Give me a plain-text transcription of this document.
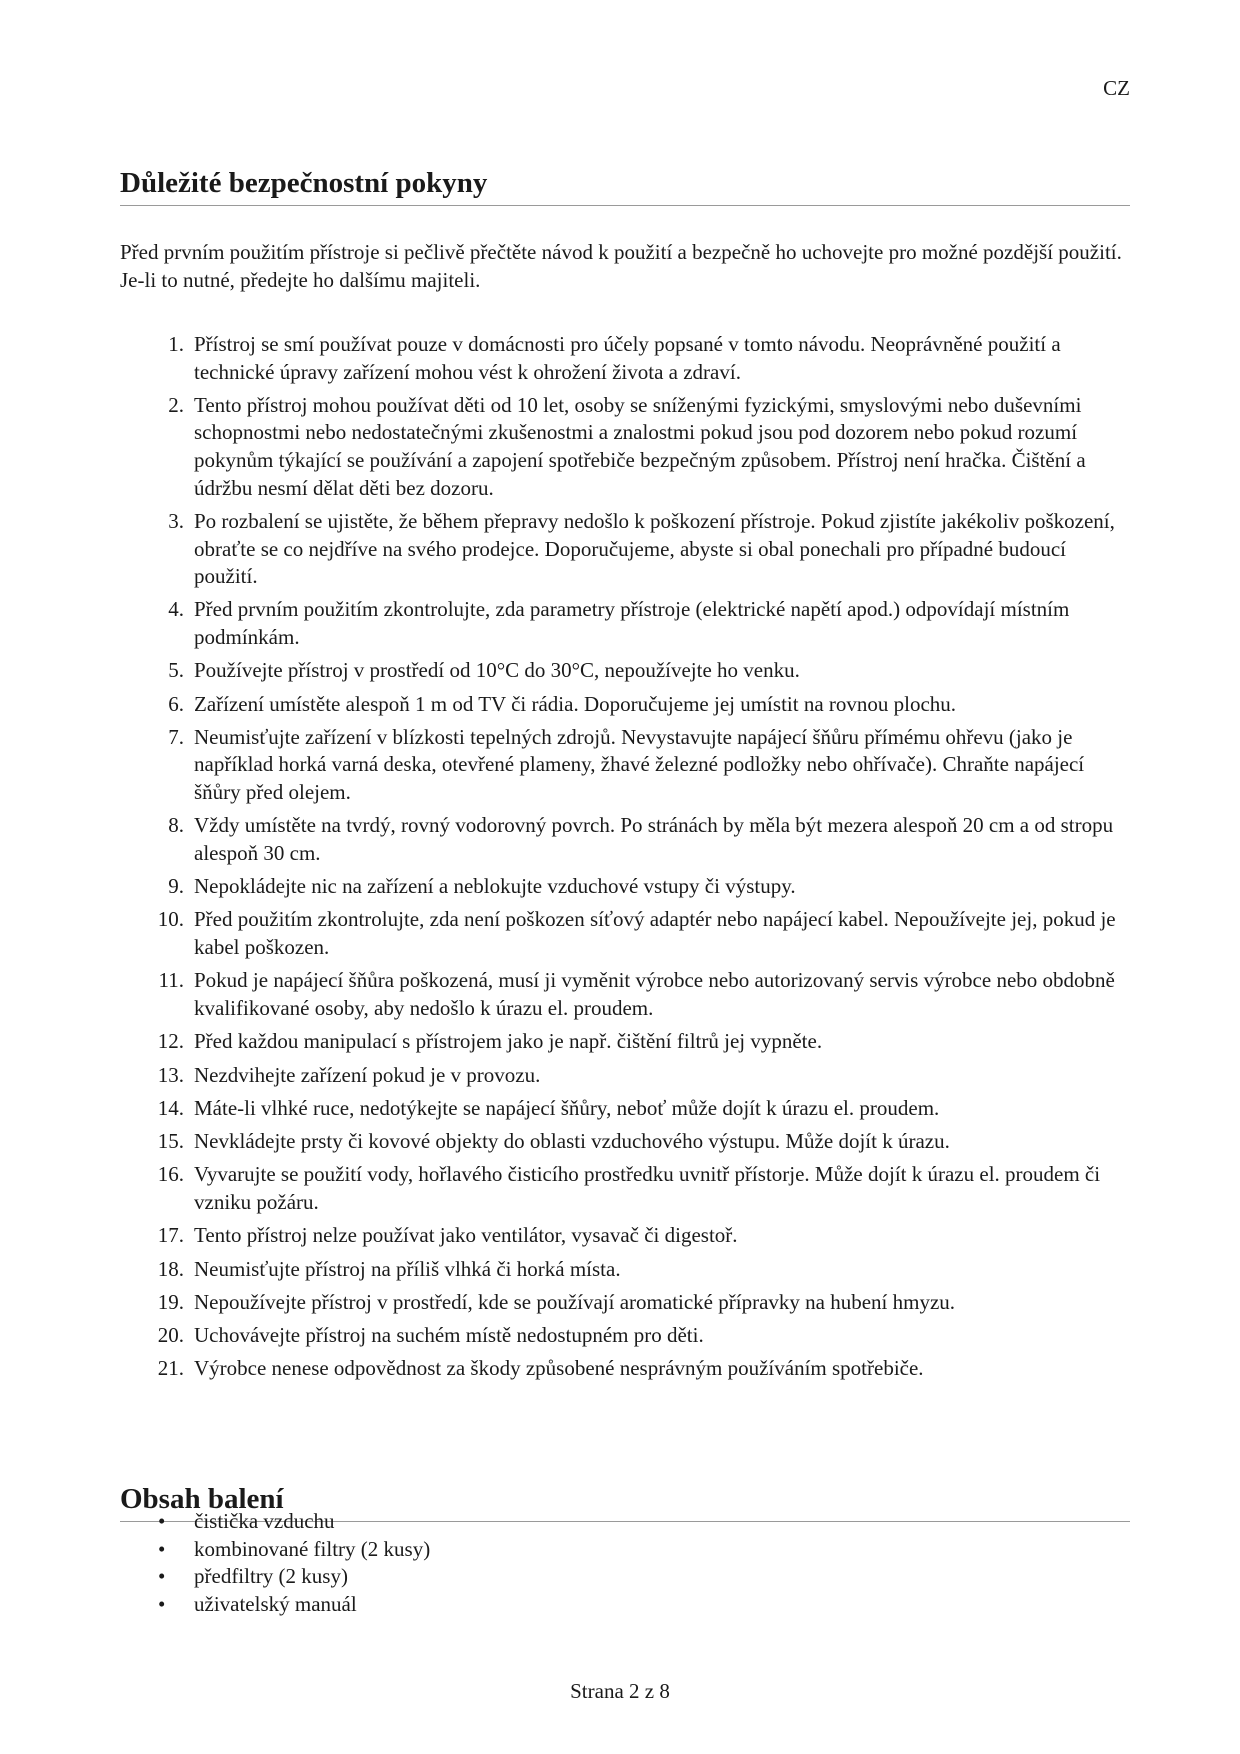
CZ
Důležité bezpečnostní pokyny

Před prvním použitím přístroje si pečlivě přečtěte návod k použití a bezpečně ho uchovejte pro možné pozdější použití. Je-li to nutné, předejte ho dalšímu majiteli.

1. Přístroj se smí používat pouze v domácnosti pro účely popsané v tomto návodu. Neoprávněné použití a technické úpravy zařízení mohou vést k ohrožení života a zdraví.
2. Tento přístroj mohou používat děti od 10 let, osoby se sníženými fyzickými, smyslovými nebo duševními schopnostmi nebo nedostatečnými zkušenostmi a znalostmi pokud jsou pod dozorem nebo pokud rozumí pokynům týkající se používání a zapojení spotřebiče bezpečným způsobem. Přístroj není hračka. Čištění a údržbu nesmí dělat děti bez dozoru.
3. Po rozbalení se ujistěte, že během přepravy nedošlo k poškození přístroje. Pokud zjistíte jakékoliv poškození, obraťte se co nejdříve na svého prodejce. Doporučujeme, abyste si obal ponechali pro případné budoucí použití.
4. Před prvním použitím zkontrolujte, zda parametry přístroje (elektrické napětí apod.) odpovídají místním podmínkám.
5. Používejte přístroj v prostředí od 10°C do 30°C, nepoužívejte ho venku.
6. Zařízení umístěte alespoň 1 m od TV či rádia. Doporučujeme jej umístit na rovnou plochu.
7. Neumisťujte zařízení v blízkosti tepelných zdrojů. Nevystavujte napájecí šňůru přímému ohřevu (jako je například horká varná deska, otevřené plameny, žhavé železné podložky nebo ohřívače). Chraňte napájecí šňůry před olejem.
8. Vždy umístěte na tvrdý, rovný vodorovný povrch. Po stránách by měla být mezera alespoň 20 cm a od stropu alespoň 30 cm.
9. Nepokládejte nic na zařízení a neblokujte vzduchové vstupy či výstupy.
10. Před použitím zkontrolujte, zda není poškozen síťový adaptér nebo napájecí kabel. Nepoužívejte jej, pokud je kabel poškozen.
11. Pokud je napájecí šňůra poškozená, musí ji vyměnit výrobce nebo autorizovaný servis výrobce nebo obdobně kvalifikované osoby, aby nedošlo k úrazu el. proudem.
12. Před každou manipulací s přístrojem jako je např. čištění filtrů jej vypněte.
13. Nezdvihejte zařízení pokud je v provozu.
14. Máte-li vlhké ruce, nedotýkejte se napájecí šňůry, neboť může dojít k úrazu el. proudem.
15. Nevkládejte prsty či kovové objekty do oblasti vzduchového výstupu. Může dojít k úrazu.
16. Vyvarujte se použití vody, hořlavého čisticího prostředku uvnitř přístorje. Může dojít k úrazu el. proudem či vzniku požáru.
17. Tento přístroj nelze používat jako ventilátor, vysavač či digestoř.
18. Neumisťujte přístroj na příliš vlhká či horká místa.
19. Nepoužívejte přístroj v prostředí, kde se používají aromatické přípravky na hubení hmyzu.
20. Uchovávejte přístroj na suchém místě nedostupném pro děti.
21. Výrobce nenese odpovědnost za škody způsobené nesprávným používáním spotřebiče.
Obsah balení
• čistička vzduchu
• kombinované filtry (2 kusy)
• předfiltry (2 kusy)
• uživatelský manuál
Strana 2 z 8
